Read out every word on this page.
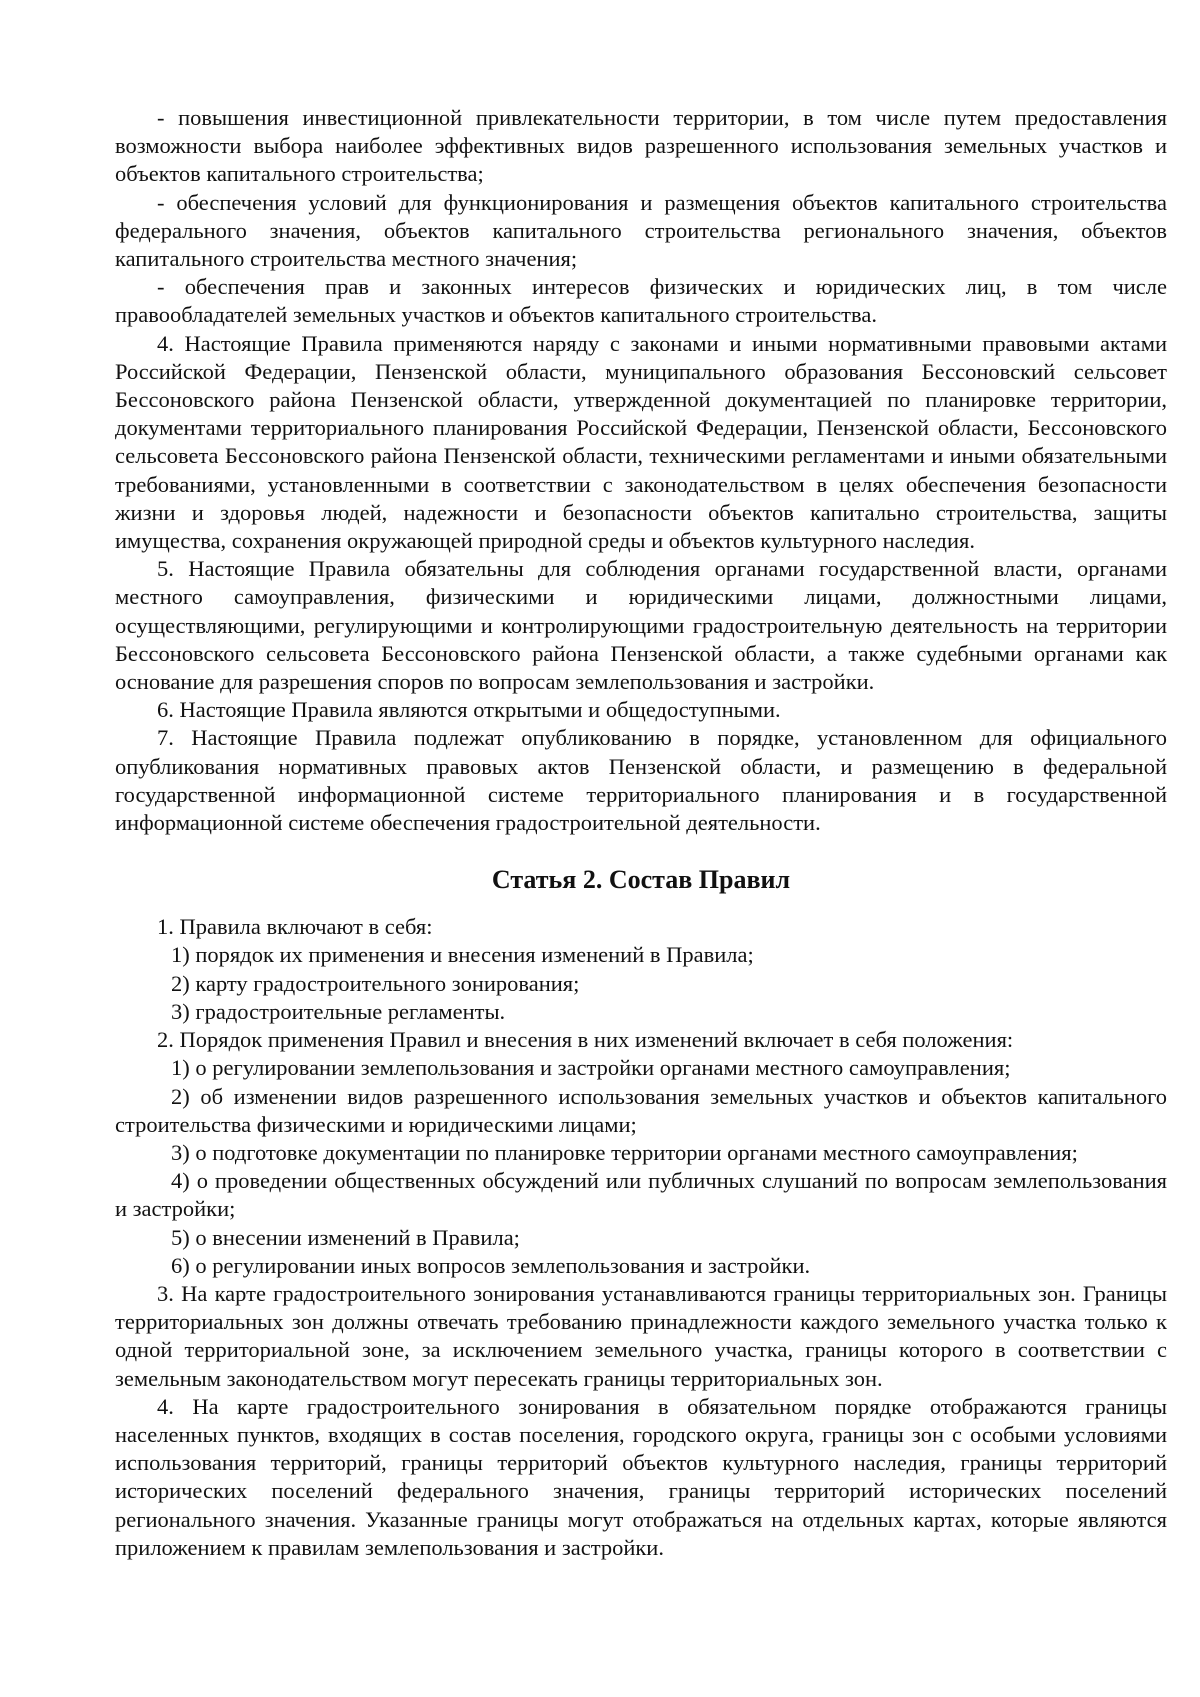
- повышения инвестиционной привлекательности территории, в том числе путем предоставления возможности выбора наиболее эффективных видов разрешенного использования земельных участков и объектов капитального строительства;

- обеспечения условий для функционирования и размещения объектов капитального строительства федерального значения, объектов капитального строительства регионального значения, объектов капитального строительства местного значения;

- обеспечения прав и законных интересов физических и юридических лиц, в том числе правообладателей земельных участков и объектов капитального строительства.

4. Настоящие Правила применяются наряду с законами и иными нормативными правовыми актами Российской Федерации, Пензенской области, муниципального образования Бессоновский сельсовет Бессоновского района Пензенской области, утвержденной документацией по планировке территории, документами территориального планирования Российской Федерации, Пензенской области, Бессоновского сельсовета Бессоновского района Пензенской области, техническими регламентами и иными обязательными требованиями, установленными в соответствии с законодательством в целях обеспечения безопасности жизни и здоровья людей, надежности и безопасности объектов капитально строительства, защиты имущества, сохранения окружающей природной среды и объектов культурного наследия.

5. Настоящие Правила обязательны для соблюдения органами государственной власти, органами местного самоуправления, физическими и юридическими лицами, должностными лицами, осуществляющими, регулирующими и контролирующими градостроительную деятельность на территории Бессоновского сельсовета Бессоновского района Пензенской области, а также судебными органами как основание для разрешения споров по вопросам землепользования и застройки.

6. Настоящие Правила являются открытыми и общедоступными.

7. Настоящие Правила подлежат опубликованию в порядке, установленном для официального опубликования нормативных правовых актов Пензенской области, и размещению в федеральной государственной информационной системе территориального планирования и в государственной информационной системе обеспечения градостроительной деятельности.

Статья 2. Состав Правил

1. Правила включают в себя:

1) порядок их применения и внесения изменений в Правила;

2) карту градостроительного зонирования;

3) градостроительные регламенты.

2. Порядок применения Правил и внесения в них изменений включает в себя положения:

1) о регулировании землепользования и застройки органами местного самоуправления;

2) об изменении видов разрешенного использования земельных участков и объектов капитального строительства физическими и юридическими лицами;

3) о подготовке документации по планировке территории органами местного самоуправления;

4) о проведении общественных обсуждений или публичных слушаний по вопросам землепользования и застройки;

5) о внесении изменений в Правила;

6) о регулировании иных вопросов землепользования и застройки.

3. На карте градостроительного зонирования устанавливаются границы территориальных зон. Границы территориальных зон должны отвечать требованию принадлежности каждого земельного участка только к одной территориальной зоне, за исключением земельного участка, границы которого в соответствии с земельным законодательством могут пересекать границы территориальных зон.

4. На карте градостроительного зонирования в обязательном порядке отображаются границы населенных пунктов, входящих в состав поселения, городского округа, границы зон с особыми условиями использования территорий, границы территорий объектов культурного наследия, границы территорий исторических поселений федерального значения, границы территорий исторических поселений регионального значения. Указанные границы могут отображаться на отдельных картах, которые являются приложением к правилам землепользования и застройки.
